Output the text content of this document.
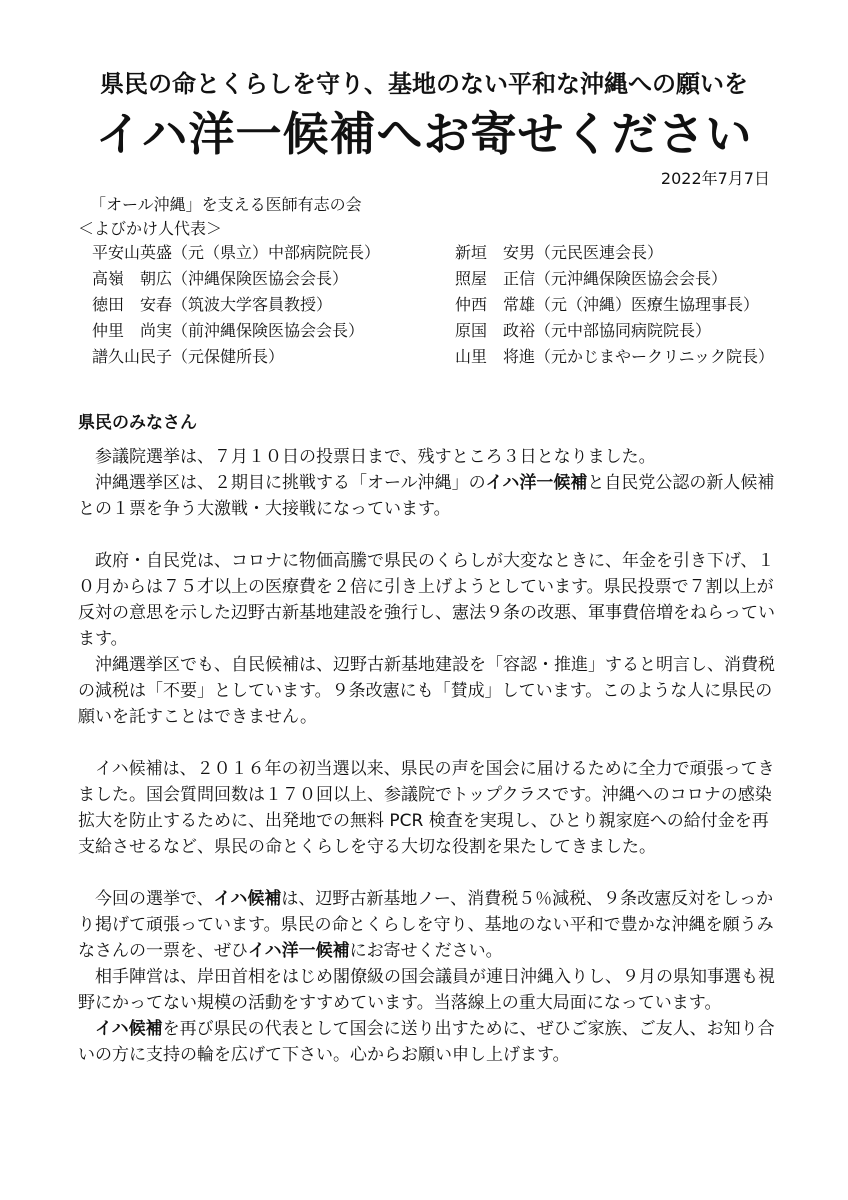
県民の命とくらしを守り、基地のない平和な沖縄への願いを
イハ洋一候補へお寄せください
2022年7月7日
「オール沖縄」を支える医師有志の会
＜よびかけ人代表＞
平安山英盛（元（県立）中部病院院長）
高嶺　朝広（沖縄保険医協会会長）
徳田　安春（筑波大学客員教授）
仲里　尚実（前沖縄保険医協会会長）
譜久山民子（元保健所長）
新垣　安男（元民医連会長）
照屋　正信（元沖縄保険医協会会長）
仲西　常雄（元（沖縄）医療生協理事長）
原国　政裕（元中部協同病院院長）
山里　将進（元かじまやークリニック院長）
県民のみなさん

参議院選挙は、７月１０日の投票日まで、残すところ３日となりました。

沖縄選挙区は、２期目に挑戦する「オール沖縄」のイハ洋一候補と自民党公認の新人候補との１票を争う大激戦・大接戦になっています。

政府・自民党は、コロナに物価高騰で県民のくらしが大変なときに、年金を引き下げ、１０月からは７５才以上の医療費を２倍に引き上げようとしています。県民投票で７割以上が反対の意思を示した辺野古新基地建設を強行し、憲法９条の改悪、軍事費倍増をねらっています。

沖縄選挙区でも、自民候補は、辺野古新基地建設を「容認・推進」すると明言し、消費税の減税は「不要」としています。９条改憲にも「賛成」しています。このような人に県民の願いを託すことはできません。

イハ候補は、２０１６年の初当選以来、県民の声を国会に届けるために全力で頑張ってきました。国会質問回数は１７０回以上、参議院でトップクラスです。沖縄へのコロナの感染拡大を防止するために、出発地での無料 PCR 検査を実現し、ひとり親家庭への給付金を再支給させるなど、県民の命とくらしを守る大切な役割を果たしてきました。

今回の選挙で、イハ候補は、辺野古新基地ノー、消費税５％減税、９条改憲反対をしっかり掲げて頑張っています。県民の命とくらしを守り、基地のない平和で豊かな沖縄を願うみなさんの一票を、ぜひイハ洋一候補にお寄せください。

相手陣営は、岸田首相をはじめ閣僚級の国会議員が連日沖縄入りし、９月の県知事選も視野にかってない規模の活動をすすめています。当落線上の重大局面になっています。

イハ候補を再び県民の代表として国会に送り出すために、ぜひご家族、ご友人、お知り合いの方に支持の輪を広げて下さい。心からお願い申し上げます。
